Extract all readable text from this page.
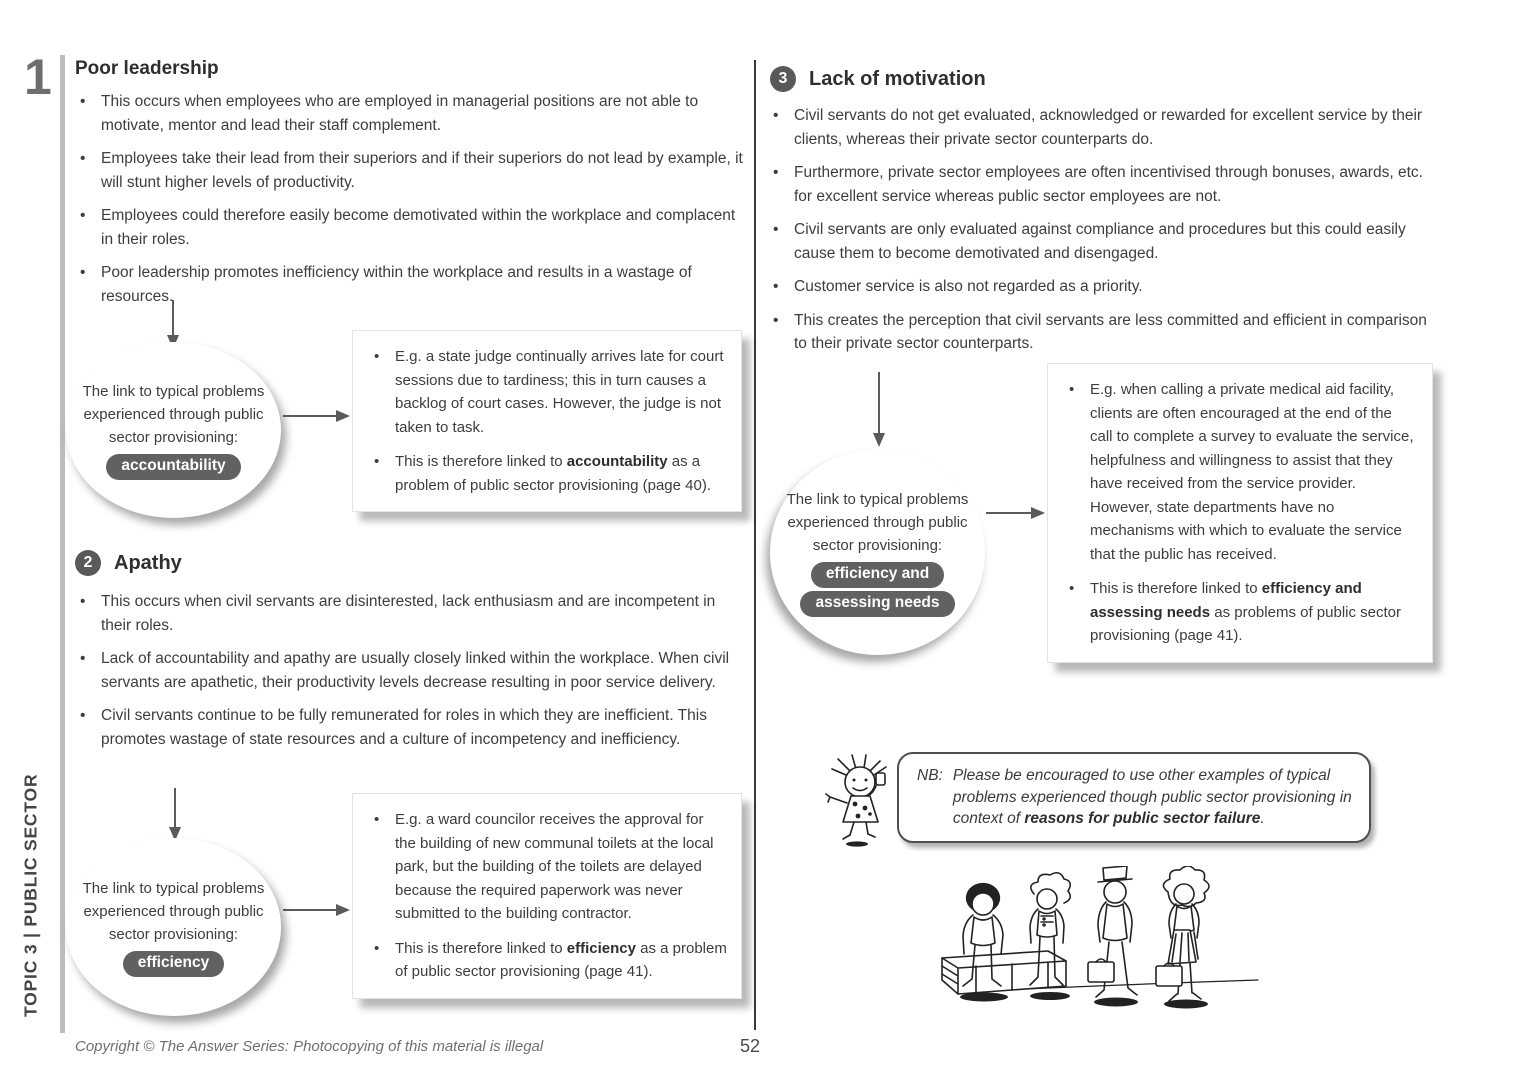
1
TOPIC 3 | PUBLIC SECTOR
Poor leadership
• This occurs when employees who are employed in managerial positions are not able to motivate, mentor and lead their staff complement.
• Employees take their lead from their superiors and if their superiors do not lead by example, it will stunt higher levels of productivity.
• Employees could therefore easily become demotivated within the workplace and complacent in their roles.
• Poor leadership promotes inefficiency within the workplace and results in a wastage of resources.
The link to typical problems experienced through public sector provisioning:
accountability
• E.g. a state judge continually arrives late for court sessions due to tardiness; this in turn causes a backlog of court cases. However, the judge is not taken to task.
• This is therefore linked to accountability as a problem of public sector provisioning (page 40).
2	Apathy
• This occurs when civil servants are disinterested, lack enthusiasm and are incompetent in their roles.
• Lack of accountability and apathy are usually closely linked within the workplace. When civil servants are apathetic, their productivity levels decrease resulting in poor service delivery.
• Civil servants continue to be fully remunerated for roles in which they are inefficient. This promotes wastage of state resources and a culture of incompetency and inefficiency.
The link to typical problems experienced through public sector provisioning:
efficiency
• E.g. a ward councilor receives the approval for the building of new communal toilets at the local park, but the building of the toilets are delayed because the required paperwork was never submitted to the building contractor.
• This is therefore linked to efficiency as a problem of public sector provisioning (page 41).
3	Lack of motivation
• Civil servants do not get evaluated, acknowledged or rewarded for excellent service by their clients, whereas their private sector counterparts do.
• Furthermore, private sector employees are often incentivised through bonuses, awards, etc. for excellent service whereas public sector employees are not.
• Civil servants are only evaluated against compliance and procedures but this could easily cause them to become demotivated and disengaged.
• Customer service is also not regarded as a priority.
• This creates the perception that civil servants are less committed and efficient in comparison to their private sector counterparts.
The link to typical problems experienced through public sector provisioning:
efficiency and
assessing needs
• E.g. when calling a private medical aid facility, clients are often encouraged at the end of the call to complete a survey to evaluate the service, helpfulness and willingness to assist that they have received from the service provider. However, state departments have no mechanisms with which to evaluate the service that the public has received.
• This is therefore linked to efficiency and assessing needs as problems of public sector provisioning (page 41).
NB: Please be encouraged to use other examples of typical problems experienced though public sector provisioning in context of reasons for public sector failure.
Copyright © The Answer Series: Photocopying of this material is illegal	52
